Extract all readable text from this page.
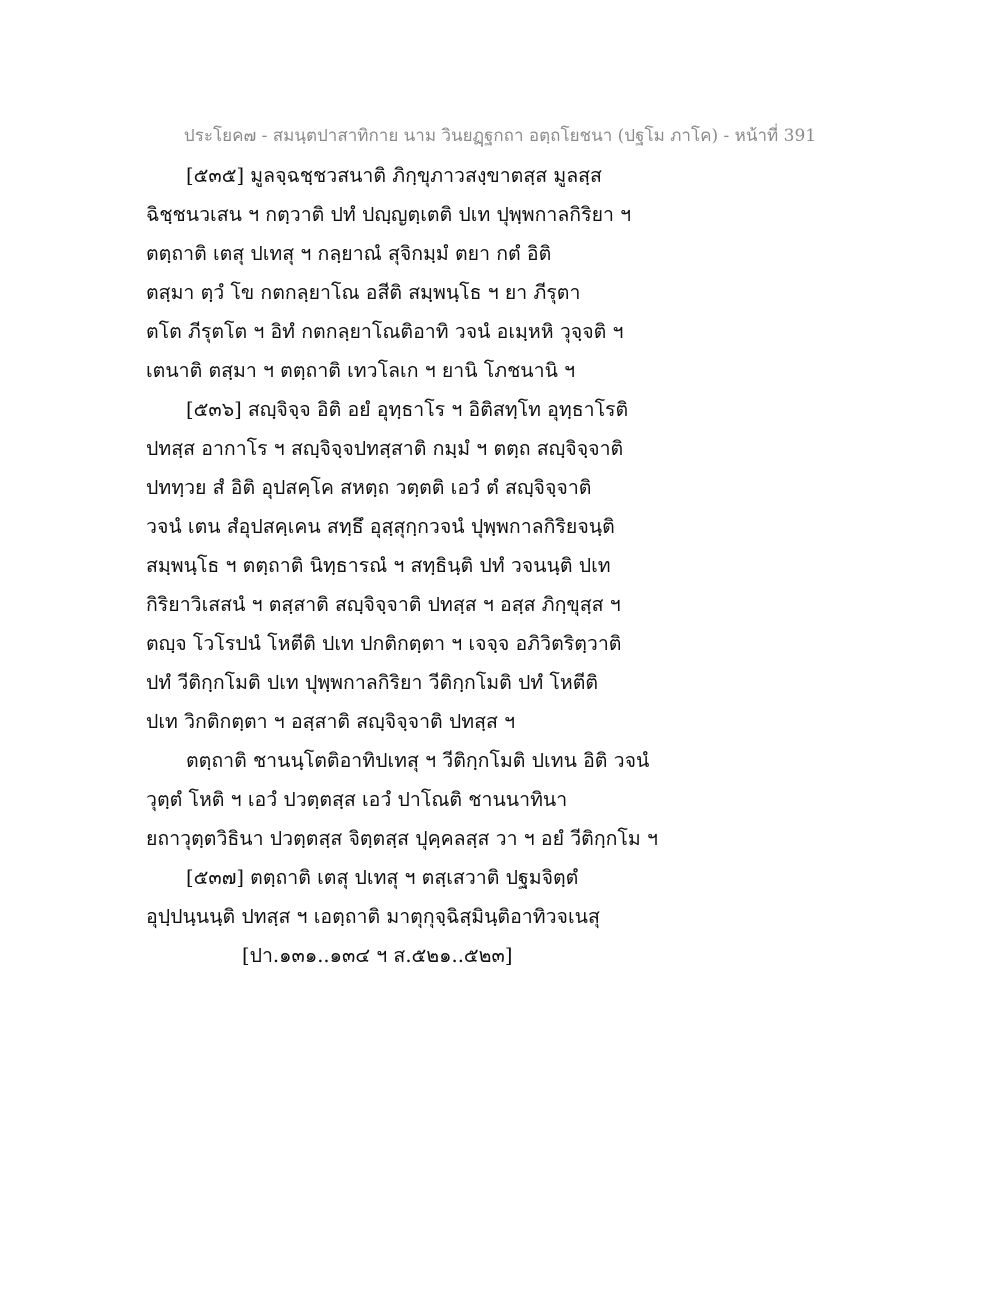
ประโยค๗ - สมนฺตปาสาทิกาย นาม วินยฏฺฐกถา อตฺถโยชนา (ปฐโม ภาโค) - หน้าที่ 391
[๕๓๕] มูลจฺฉชฺชวสนาติ ภิกฺขุภาวสงฺขาตสฺส มูลสฺส
ฉิชฺชนวเสน ฯ กตฺวาติ ปทํ ปญฺญตฺเตติ ปเท ปุพฺพกาลกิริยา ฯ
ตตฺถาติ เตสุ ปเทสุ ฯ กลฺยาณํ สุจิกมฺมํ ตยา กตํ อิติ
ตสฺมา ตฺวํ โข กตกลฺยาโณ อสีติ สมฺพนฺโธ ฯ ยา ภีรุตา
ตโต ภีรุตโต ฯ อิทํ กตกลฺยาโณติอาทิ วจนํ อเมฺหหิ วุจฺจติ ฯ
เตนาติ ตสฺมา ฯ ตตฺถาติ เทวโลเก ฯ ยานิ โภชนานิ ฯ
[๕๓๖] สญฺจิจฺจ อิติ อยํ อุทฺธาโร ฯ อิติสทฺโท อุทฺธาโรติ
ปทสฺส อากาโร ฯ สญฺจิจฺจปทสฺสาติ กมฺมํ ฯ ตตฺถ สญฺจิจฺจาติ
ปททฺวย สํ อิติ อุปสคฺโค สหตฺถ วตฺตติ เอวํ ตํ สญฺจิจฺจาติ
วจนํ เตน สํอุปสคฺเคน สทฺธึ อุสฺสุกฺกวจนํ ปุพฺพกาลกิริยจนฺติ
สมฺพนฺโธ ฯ ตตฺถาติ นิทฺธารณํ ฯ สทฺธินฺติ ปทํ วจนนฺติ ปเท
กิริยาวิเสสนํ ฯ ตสฺสาติ สญฺจิจฺจาติ ปทสฺส ฯ อสฺส ภิกฺขุสฺส ฯ
ตญฺจ โวโรปนํ โหตีติ ปเท ปกติกตฺตา ฯ เจจฺจ อภิวิตริตฺวาติ
ปทํ วีติกฺกโมติ ปเท ปุพฺพกาลกิริยา วีติกฺกโมติ ปทํ โหตีติ
ปเท วิกติกตฺตา ฯ อสฺสาติ สญฺจิจฺจาติ ปทสฺส ฯ
ตตฺถาติ ชานนฺโตติอาทิปเทสุ ฯ วีติกฺกโมติ ปเทน อิติ วจนํ
วุตฺตํ โหติ ฯ เอวํ ปวตฺตสฺส เอวํ ปาโณติ ชานนาทินา
ยถาวุตฺตวิธินา ปวตฺตสฺส จิตฺตสฺส ปุคฺคลสฺส วา ฯ อยํ วีติกฺกโม ฯ
[๕๓๗] ตตฺถาติ เตสุ ปเทสุ ฯ ตสฺเสวาติ ปฐมจิตฺตํ
อุปฺปนฺนนฺติ ปทสฺส ฯ เอตฺถาติ มาตุกุจฺฉิสฺมินฺติอาทิวจเนสุ
[ปา.๑๓๑..๑๓๔ ฯ ส.๕๒๑..๕๒๓]
